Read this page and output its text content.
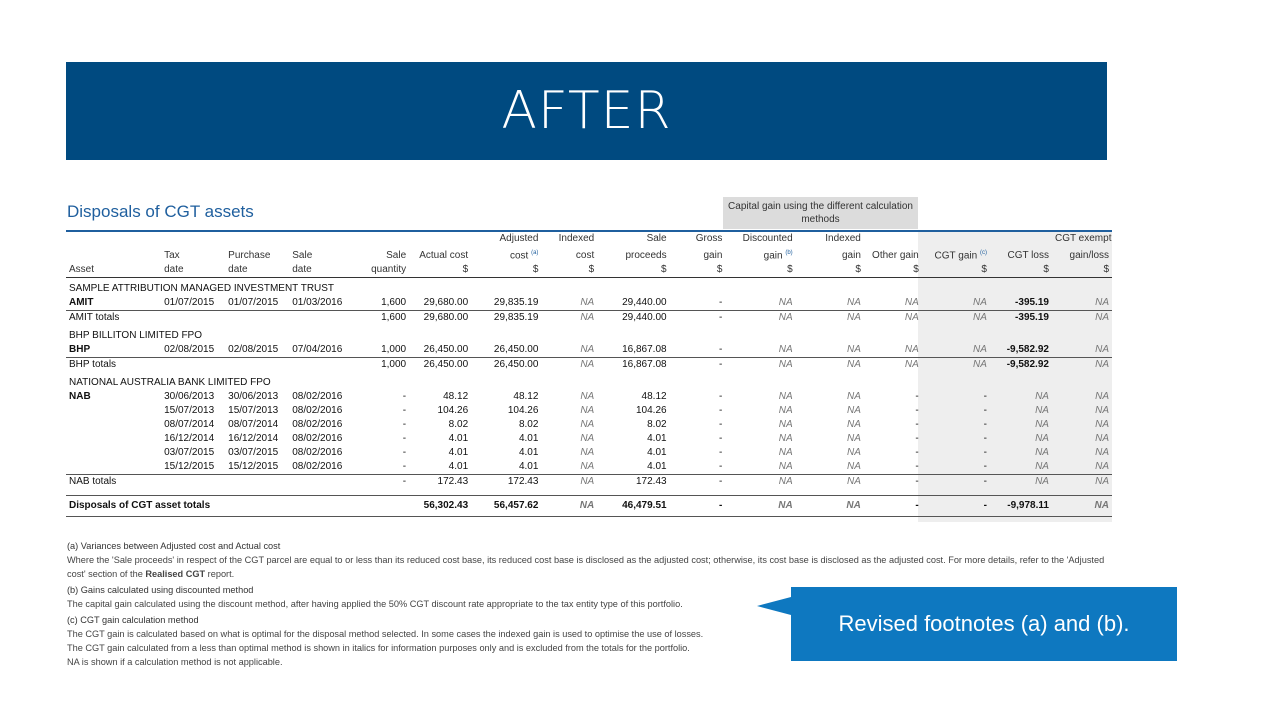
AFTER
Disposals of CGT assets	Capital gain using the different calculation methods
						Adjusted	Indexed	Sale	Gross	Discounted	Indexed				CGT exempt
	Tax	Purchase	Sale	Sale	Actual cost	cost $^{(a)}$	cost	proceeds	gain	gain $^{(b)}$	gain	Other gain	CGT gain $^{(c)}$	CGT loss	gain/loss
Asset	date	date	date	quantity	$	$	$	$	$	$	$	$	$	$	$
SAMPLE ATTRIBUTION MANAGED INVESTMENT TRUST															
AMIT	01/07/2015	01/07/2015	01/03/2016	1,600	29,680.00	29,835.19	NA	29,440.00	-	NA	NA	NA	NA	-395.19	NA
AMIT totals				1,600	29,680.00	29,835.19	NA	29,440.00	-	NA	NA	NA	NA	-395.19	NA
BHP BILLITON LIMITED FPO															
BHP	02/08/2015	02/08/2015	07/04/2016	1,000	26,450.00	26,450.00	NA	16,867.08	-	NA	NA	NA	NA	-9,582.92	NA
BHP totals				1,000	26,450.00	26,450.00	NA	16,867.08	-	NA	NA	NA	NA	-9,582.92	NA
NATIONAL AUSTRALIA BANK LIMITED FPO															
NAB	30/06/2013	30/06/2013	08/02/2016	-	48.12	48.12	NA	48.12	-	NA	NA	-	-	NA	NA
	15/07/2013	15/07/2013	08/02/2016	-	104.26	104.26	NA	104.26	-	NA	NA	-	-	NA	NA
	08/07/2014	08/07/2014	08/02/2016	-	8.02	8.02	NA	8.02	-	NA	NA	-	-	NA	NA
	16/12/2014	16/12/2014	08/02/2016	-	4.01	4.01	NA	4.01	-	NA	NA	-	-	NA	NA
	03/07/2015	03/07/2015	08/02/2016	-	4.01	4.01	NA	4.01	-	NA	NA	-	-	NA	NA
	15/12/2015	15/12/2015	08/02/2016	-	4.01	4.01	NA	4.01	-	NA	NA	-	-	NA	NA
NAB totals				-	172.43	172.43	NA	172.43	-	NA	NA	-	-	NA	NA

Disposals of CGT asset totals					56,302.43	56,457.62	NA	46,479.51	-	NA	NA	-	-	-9,978.11	NA
(a) Variances between Adjusted cost and Actual cost
Where the 'Sale proceeds' in respect of the CGT parcel are equal to or less than its reduced cost base, its reduced cost base is disclosed as the adjusted cost; otherwise, its cost base is disclosed as the adjusted cost. For more details, refer to the 'Adjusted cost' section of the Realised CGT report.
(b) Gains calculated using discounted method
The capital gain calculated using the discount method, after having applied the 50% CGT discount rate appropriate to the tax entity type of this portfolio.
(c) CGT gain calculation method
The CGT gain is calculated based on what is optimal for the disposal method selected. In some cases the indexed gain is used to optimise the use of losses.
The CGT gain calculated from a less than optimal method is shown in italics for information purposes only and is excluded from the totals for the portfolio.
NA is shown if a calculation method is not applicable.
Revised footnotes (a) and (b).
